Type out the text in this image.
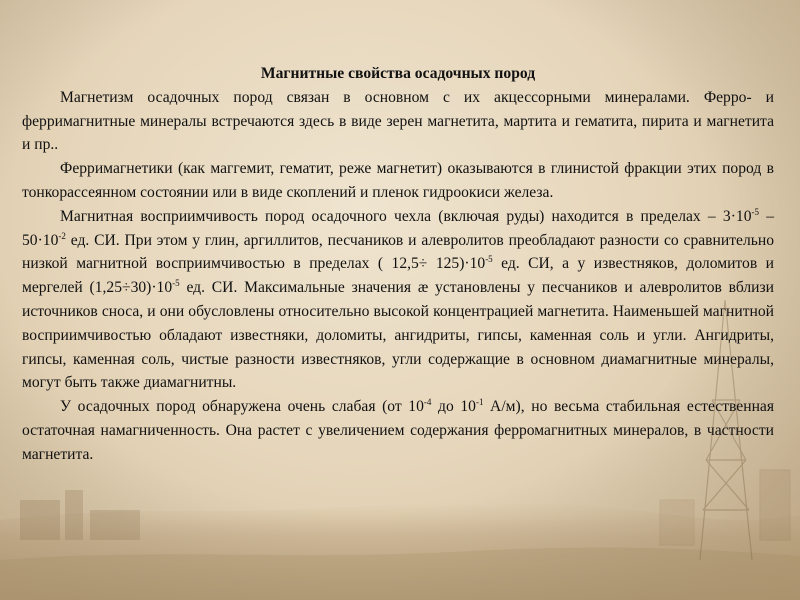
Магнитные свойства осадочных пород

Магнетизм осадочных пород связан в основном с их акцессорными минералами. Ферро- и ферримагнитные минералы встречаются здесь в виде зерен магнетита, мартита и гематита, пирита и магнетита и пр..

Ферримагнетики (как маггемит, гематит, реже магнетит) оказываются в глинистой фракции этих пород в тонкорассеянном состоянии или в виде скоплений и пленок гидроокиси железа.

Магнитная восприимчивость пород осадочного чехла (включая руды) находится в пределах – $3\cdot 10^{-5} - 50\cdot 10^{-2}$ ед. СИ. При этом у глин, аргиллитов, песчаников и алевролитов преобладают разности со сравнительно низкой магнитной восприимчивостью в пределах ( $12,5\div 125)\cdot 10^{-5}$ ед. СИ, а у известняков, доломитов и мергелей $(1,25\div 30)\cdot 10^{-5}$ ед. СИ. Максимальные значения æ установлены у песчаников и алевролитов вблизи источников сноса, и они обусловлены относительно высокой концентрацией магнетита. Наименьшей магнитной восприимчивостью обладают известняки, доломиты, ангидриты, гипсы, каменная соль и угли. Ангидриты, гипсы, каменная соль, чистые разности известняков, угли содержащие в основном диамагнитные минералы, могут быть также диамагнитны.

У осадочных пород обнаружена очень слабая (от $10^{-4}$ до $10^{-1}$ А/м), но весьма стабильная естественная остаточная намагниченность. Она растет с увеличением содержания ферромагнитных минералов, в частности магнетита.
